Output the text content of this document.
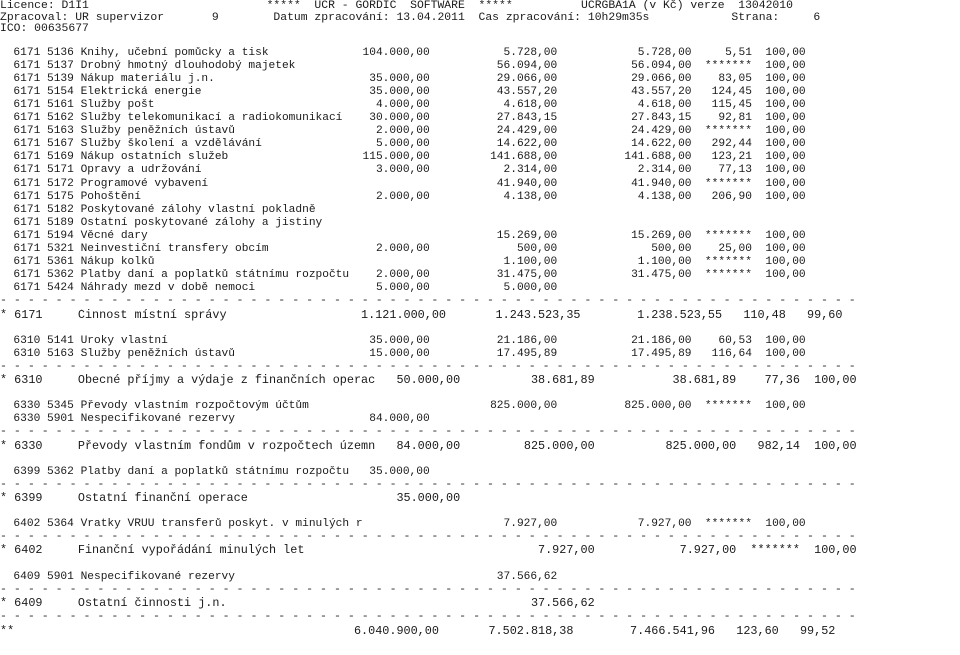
Licence: D1I1                          *****  UCR - GORDIC  SOFTWARE  *****          UCRGBA1A (v Kč) verze  13042010
Zpracoval: UR supervizor       9        Datum zpracování: 13.04.2011  Čas zpracování: 10h29m35s            Strana:     6
IČO: 00635677
6171 5136 Knihy, učební pomůcky a tisk              104.000,00           5.728,00            5.728,00     5,51  100,00
6171 5137 Drobný hmotný dlouhodobý majetek                              56.094,00           56.094,00  *******  100,00
6171 5139 Nákup materiálu j.n.                       35.000,00          29.066,00           29.066,00    83,05  100,00
6171 5154 Elektrická energie                         35.000,00          43.557,20           43.557,20   124,45  100,00
6171 5161 Služby pošt                                 4.000,00           4.618,00            4.618,00   115,45  100,00
6171 5162 Služby telekomunikací a radiokomunikací    30.000,00          27.843,15           27.843,15    92,81  100,00
6171 5163 Služby peněžních ústavů                     2.000,00          24.429,00           24.429,00  *******  100,00
6171 5167 Služby školení a vzdělávání                 5.000,00          14.622,00           14.622,00   292,44  100,00
6171 5169 Nákup ostatních služeb                    115.000,00         141.688,00          141.688,00   123,21  100,00
6171 5171 Opravy a udržování                          3.000,00           2.314,00            2.314,00    77,13  100,00
6171 5172 Programové vybavení                                           41.940,00           41.940,00  *******  100,00
6171 5175 Pohoštění                                   2.000,00           4.138,00            4.138,00   206,90  100,00
6171 5182 Poskytované zálohy vlastní pokladně
6171 5189 Ostatní poskytované zálohy a jistiny
6171 5194 Věcné dary                                                    15.269,00           15.269,00  *******  100,00
6171 5321 Neinvestiční transfery obcím                2.000,00             500,00              500,00    25,00  100,00
6171 5361 Nákup kolků                                                    1.100,00            1.100,00  *******  100,00
6171 5362 Platby daní a poplatků státnímu rozpočtu    2.000,00          31.475,00           31.475,00  *******  100,00
6171 5424 Náhrady mezd v době nemoci                  5.000,00           5.000,00
- - - - - - - - - - - - - - - - - - - - - - - - - - - - - - - - - - - - - - - - - - - - - - - - - - - - - - - - - - - - - -
* 6171     Činnost místní správy                   1.121.000,00       1.243.523,35        1.238.523,55   110,48   99,60
6310 5141 Úroky vlastní                              35.000,00          21.186,00           21.186,00    60,53  100,00
6310 5163 Služby peněžních ústavů                    15.000,00          17.495,89           17.495,89   116,64  100,00
- - - - - - - - - - - - - - - - - - - - - - - - - - - - - - - - - - - - - - - - - - - - - - - - - - - - - - - - - - - - - -
* 6310     Obecné příjmy a výdaje z finančních operac   50.000,00          38.681,89           38.681,89    77,36  100,00
6330 5345 Převody vlastním rozpočtovým účtům                           825.000,00          825.000,00  *******  100,00
6330 5901 Nespecifikované rezervy                    84.000,00
- - - - - - - - - - - - - - - - - - - - - - - - - - - - - - - - - - - - - - - - - - - - - - - - - - - - - - - - - - - - - -
* 6330     Převody vlastním fondům v rozpočtech územn   84.000,00         825.000,00          825.000,00   982,14  100,00
6399 5362 Platby daní a poplatků státnímu rozpočtu   35.000,00
- - - - - - - - - - - - - - - - - - - - - - - - - - - - - - - - - - - - - - - - - - - - - - - - - - - - - - - - - - - - - -
* 6399     Ostatní finanční operace                     35.000,00
6402 5364 Vratky VRÚÚ transferů poskyt. v minulých r                     7.927,00            7.927,00  *******  100,00
- - - - - - - - - - - - - - - - - - - - - - - - - - - - - - - - - - - - - - - - - - - - - - - - - - - - - - - - - - - - - -
* 6402     Finanční vypořádání minulých let                                 7.927,00            7.927,00  *******  100,00
6409 5901 Nespecifikované rezervy                                       37.566,62
- - - - - - - - - - - - - - - - - - - - - - - - - - - - - - - - - - - - - - - - - - - - - - - - - - - - - - - - - - - - - -
* 6409     Ostatní činnosti j.n.                                           37.566,62
- - - - - - - - - - - - - - - - - - - - - - - - - - - - - - - - - - - - - - - - - - - - - - - - - - - - - - - - - - - - - -
**                                                6.040.900,00       7.502.818,38        7.466.541,96   123,60   99,52
